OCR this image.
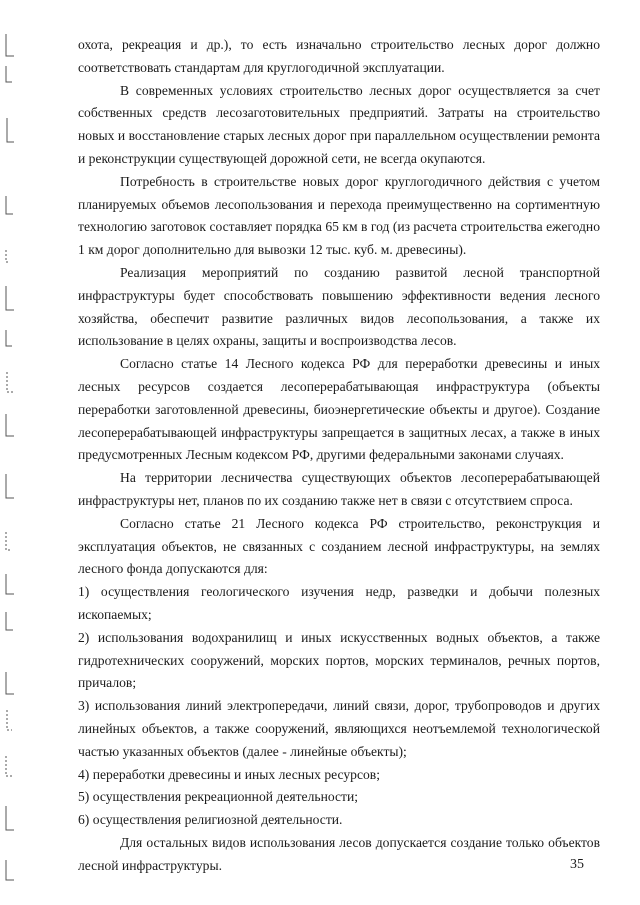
охота, рекреация и др.), то есть изначально строительство лесных дорог должно соответствовать стандартам для круглогодичной эксплуатации.

В современных условиях строительство лесных дорог осуществляется за счет собственных средств лесозаготовительных предприятий. Затраты на строительство новых и восстановление старых лесных дорог при параллельном осуществлении ремонта и реконструкции существующей дорожной сети, не всегда окупаются.

Потребность в строительстве новых дорог круглогодичного действия с учетом планируемых объемов лесопользования и перехода преимущественно на сортиментную технологию заготовок составляет порядка 65 км в год (из расчета строительства ежегодно 1 км дорог дополнительно для вывозки 12 тыс. куб. м. древесины).

Реализация мероприятий по созданию развитой лесной транспортной инфраструктуры будет способствовать повышению эффективности ведения лесного хозяйства, обеспечит развитие различных видов лесопользования, а также их использование в целях охраны, защиты и воспроизводства лесов.

Согласно статье 14 Лесного кодекса РФ для переработки древесины и иных лесных ресурсов создается лесоперерабатывающая инфраструктура (объекты переработки заготовленной древесины, биоэнергетические объекты и другое). Создание лесоперерабатывающей инфраструктуры запрещается в защитных лесах, а также в иных предусмотренных Лесным кодексом РФ, другими федеральными законами случаях.

На территории лесничества существующих объектов лесоперерабатывающей инфраструктуры нет, планов по их созданию также нет в связи с отсутствием спроса.

Согласно статье 21 Лесного кодекса РФ строительство, реконструкция и эксплуатация объектов, не связанных с созданием лесной инфраструктуры, на землях лесного фонда допускаются для:

1) осуществления геологического изучения недр, разведки и добычи полезных ископаемых;

2) использования водохранилищ и иных искусственных водных объектов, а также гидротехнических сооружений, морских портов, морских терминалов, речных портов, причалов;

3) использования линий электропередачи, линий связи, дорог, трубопроводов и других линейных объектов, а также сооружений, являющихся неотъемлемой технологической частью указанных объектов (далее - линейные объекты);

4) переработки древесины и иных лесных ресурсов;

5) осуществления рекреационной деятельности;

6) осуществления религиозной деятельности.

Для остальных видов использования лесов допускается создание только объектов лесной инфраструктуры.	35
